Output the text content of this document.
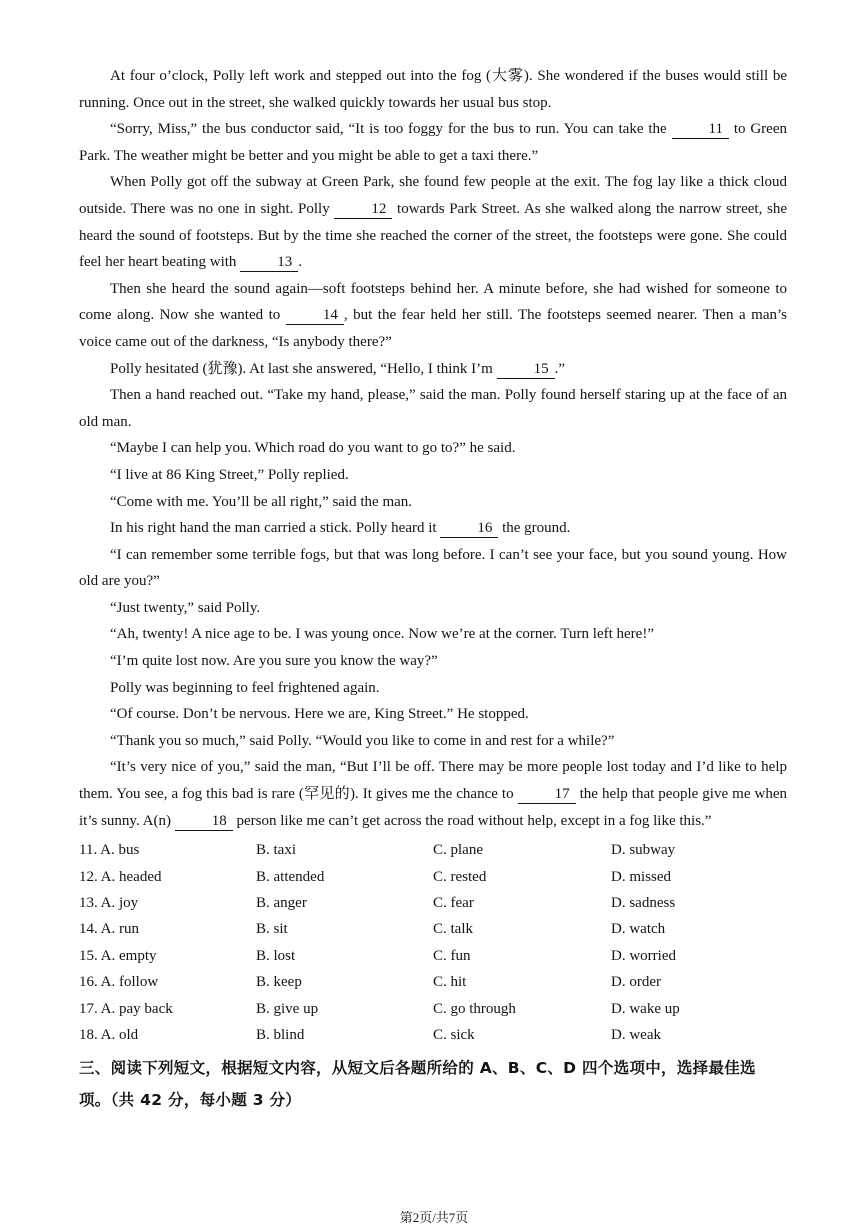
At four o’clock, Polly left work and stepped out into the fog (大雾). She wondered if the buses would still be running. Once out in the street, she walked quickly towards her usual bus stop.

“Sorry, Miss,” the bus conductor said, “It is too foggy for the bus to run. You can take the 11 to Green Park. The weather might be better and you might be able to get a taxi there.”

When Polly got off the subway at Green Park, she found few people at the exit. The fog lay like a thick cloud outside. There was no one in sight. Polly 12 towards Park Street. As she walked along the narrow street, she heard the sound of footsteps. But by the time she reached the corner of the street, the footsteps were gone. She could feel her heart beating with 13 .

Then she heard the sound again—soft footsteps behind her. A minute before, she had wished for someone to come along. Now she wanted to 14 , but the fear held her still. The footsteps seemed nearer. Then a man’s voice came out of the darkness, “Is anybody there?”

Polly hesitated (犹豫). At last she answered, “Hello, I think I’m 15 .”

Then a hand reached out. “Take my hand, please,” said the man. Polly found herself staring up at the face of an old man.

“Maybe I can help you. Which road do you want to go to?” he said.

“I live at 86 King Street,” Polly replied.

“Come with me. You’ll be all right,” said the man.

In his right hand the man carried a stick. Polly heard it 16 the ground.

“I can remember some terrible fogs, but that was long before. I can’t see your face, but you sound young. How old are you?”

“Just twenty,” said Polly.

“Ah, twenty! A nice age to be. I was young once. Now we’re at the corner. Turn left here!”

“I’m quite lost now. Are you sure you know the way?”

Polly was beginning to feel frightened again.

“Of course. Don’t be nervous. Here we are, King Street.” He stopped.

“Thank you so much,” said Polly. “Would you like to come in and rest for a while?”

“It’s very nice of you,” said the man, “But I’ll be off. There may be more people lost today and I’d like to help them. You see, a fog this bad is rare (罕见的). It gives me the chance to 17 the help that people give me when it’s sunny. A(n) 18 person like me can’t get across the road without help, except in a fog like this.”

11. A. bus	B. taxi	C. plane	D. subway
12. A. headed	B. attended	C. rested	D. missed
13. A. joy	B. anger	C. fear	D. sadness
14. A. run	B. sit	C. talk	D. watch
15. A. empty	B. lost	C. fun	D. worried
16. A. follow	B. keep	C. hit	D. order
17. A. pay back	B. give up	C. go through	D. wake up
18. A. old	B. blind	C. sick	D. weak
三、阅读下列短文，根据短文内容，从短文后各题所给的 A、B、C、D 四个选项中，选择最佳选项。（共 42 分，每小题 3 分）
第2页/共7页
